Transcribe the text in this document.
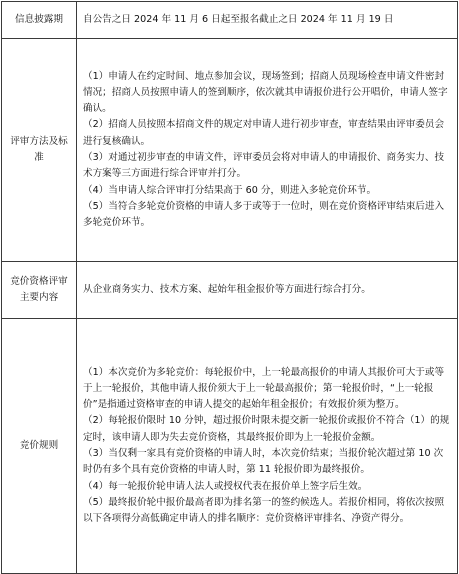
信息披露期	自公告之日 2024 年 11 月 6 日起至报名截止之日 2024 年 11 月 19 日

评审方法及标准	（1）申请人在约定时间、地点参加会议，现场签到；招商人员现场检查申请文件密封情况；招商人员按照申请人的签到顺序，依次就其申请报价进行公开唱价，申请人签字确认。

（2）招商人员按照本招商文件的规定对申请人进行初步审查，审查结果由评审委员会进行复核确认。

（3）对通过初步审查的申请文件，评审委员会将对申请人的申请报价、商务实力、技术方案等三方面进行综合评审并打分。

（4）当申请人综合评审打分结果高于 60 分，则进入多轮竞价环节。

（5）当符合多轮竞价资格的申请人多于或等于一位时，则在竞价资格评审结束后进入多轮竞价环节。

竞价资格评审主要内容	从企业商务实力、技术方案、起始年租金报价等方面进行综合打分。

竞价规则	（1）本次竞价为多轮竞价：每轮报价中，上一轮最高报价的申请人其报价可大于或等于上一轮报价，其他申请人报价须大于上一轮最高报价；第一轮报价时，“上一轮报价”是指通过资格审查的申请人提交的起始年租金报价；有效报价须为整万。

（2）每轮报价限时 10 分钟，超过报价时限未提交新一轮报价或报价不符合（1）的规定时，该申请人即为失去竞价资格，其最终报价即为上一轮报价金额。

（3）当仅剩一家具有竞价资格的申请人时，本次竞价结束；当报价轮次超过第 10 次时仍有多个具有竞价资格的申请人时，第 11 轮报价即为最终报价。

（4）每一轮报价轮申请人法人或授权代表在报价单上签字后生效。

（5）最终报价轮中报价最高者即为排名第一的签约候选人。若报价相同，将依次按照以下各项得分高低确定申请人的排名顺序：竞价资格评审排名、净资产得分。
